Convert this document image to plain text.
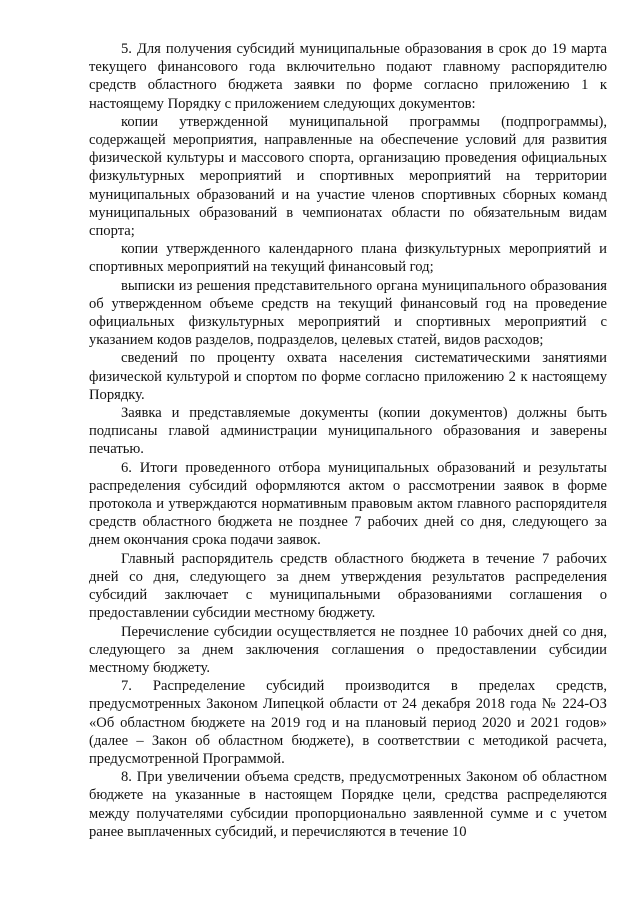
5. Для получения субсидий муниципальные образования в срок до 19 марта текущего финансового года включительно подают главному распорядителю средств областного бюджета заявки по форме согласно приложению 1 к настоящему Порядку с приложением следующих документов:

копии утвержденной муниципальной программы (подпрограммы), содержащей мероприятия, направленные на обеспечение условий для развития физической культуры и массового спорта, организацию проведения официальных физкультурных мероприятий и спортивных мероприятий на территории муниципальных образований и на участие членов спортивных сборных команд муниципальных образований в чемпионатах области по обязательным видам спорта;

копии утвержденного календарного плана физкультурных мероприятий и спортивных мероприятий на текущий финансовый год;

выписки из решения представительного органа муниципального образования об утвержденном объеме средств на текущий финансовый год на проведение официальных физкультурных мероприятий и спортивных мероприятий с указанием кодов разделов, подразделов, целевых статей, видов расходов;

сведений по проценту охвата населения систематическими занятиями физической культурой и спортом по форме согласно приложению 2 к настоящему Порядку.

Заявка и представляемые документы (копии документов) должны быть подписаны главой администрации муниципального образования и заверены печатью.

6. Итоги проведенного отбора муниципальных образований и результаты распределения субсидий оформляются актом о рассмотрении заявок в форме протокола и утверждаются нормативным правовым актом главного распорядителя средств областного бюджета не позднее 7 рабочих дней со дня, следующего за днем окончания срока подачи заявок.

Главный распорядитель средств областного бюджета в течение 7 рабочих дней со дня, следующего за днем утверждения результатов распределения субсидий заключает с муниципальными образованиями соглашения о предоставлении субсидии местному бюджету.

Перечисление субсидии осуществляется не позднее 10 рабочих дней со дня, следующего за днем заключения соглашения о предоставлении субсидии местному бюджету.

7. Распределение субсидий производится в пределах средств, предусмотренных Законом Липецкой области от 24 декабря 2018 года № 224-ОЗ «Об областном бюджете на 2019 год и на плановый период 2020 и 2021 годов» (далее – Закон об областном бюджете), в соответствии с методикой расчета, предусмотренной Программой.

8. При увеличении объема средств, предусмотренных Законом об областном бюджете на указанные в настоящем Порядке цели, средства распределяются между получателями субсидии пропорционально заявленной сумме и с учетом ранее выплаченных субсидий, и перечисляются в течение 10
